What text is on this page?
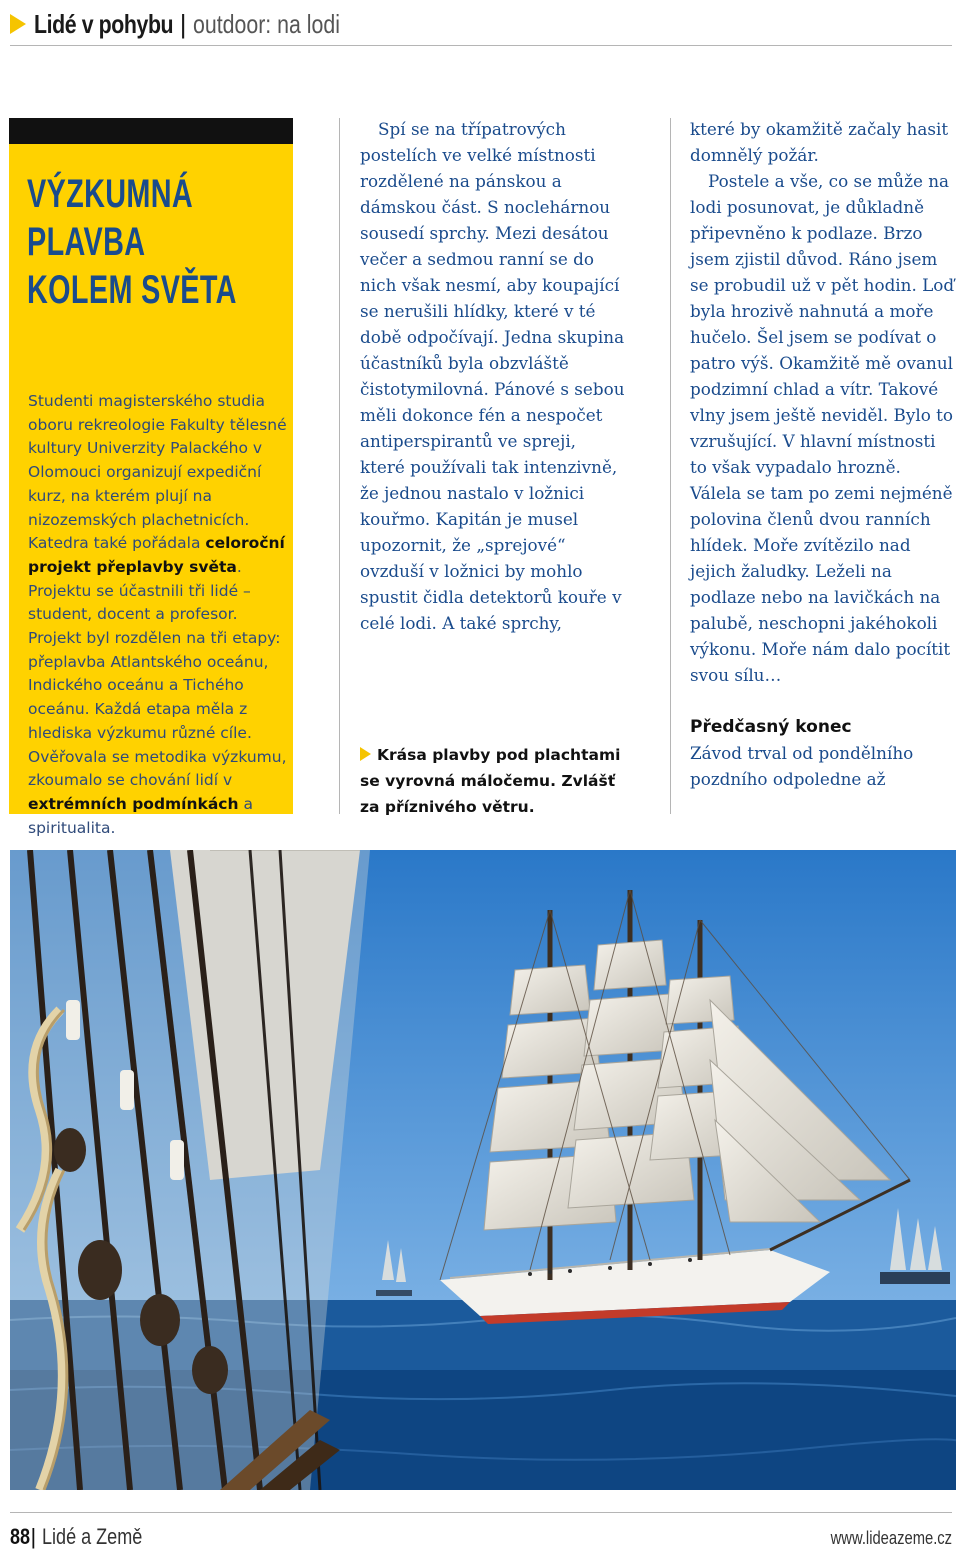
Lidé v pohybu | outdoor: na lodi
VÝZKUMNÁ PLAVBA
KOLEM SVĚTA
Studenti magisterského studia oboru rekreologie Fakulty tělesné kultury Univerzity Palackého v Olomouci organizují expediční kurz, na kterém plují na nizozemských plachetnicích. Katedra také pořádala celoroční projekt přeplavby světa. Projektu se účastnili tři lidé – student, docent a profesor. Projekt byl rozdělen na tři etapy: přeplavba Atlantského oceánu, Indického oceánu a Tichého oceánu. Každá etapa měla z hlediska výzkumu různé cíle. Ověřovala se metodika výzkumu, zkoumalo se chování lidí v extrémních podmínkách a spiritualita.

Spí se na třípatrových postelích ve velké místnosti rozdělené na pánskou a dámskou část. S noclehárnou sousedí sprchy. Mezi desátou večer a sedmou ranní se do nich však nesmí, aby koupající se nerušili hlídky, které v té době odpočívají. Jedna skupina účastníků byla obzvláště čistotymilovná. Pánové s sebou měli dokonce fén a nespočet antiperspirantů ve spreji, které používali tak intenzivně, že jednou nastalo v ložnici kouřmo. Kapitán je musel upozornit, že „sprejové“ ovzduší v ložnici by mohlo spustit čidla detektorů kouře v celé lodi. A také sprchy,

Krása plavby pod plachtami se vyrovná máločemu. Zvlášť za příznivého větru.

které by okamžitě začaly hasit domnělý požár.

Postele a vše, co se může na lodi posunovat, je důkladně připevněno k podlaze. Brzo jsem zjistil důvod. Ráno jsem se probudil už v pět hodin. Loď byla hrozivě nahnutá a moře hučelo. Šel jsem se podívat o patro výš. Okamžitě mě ovanul podzimní chlad a vítr. Takové vlny jsem ještě neviděl. Bylo to vzrušující. V hlavní místnosti to však vypadalo hrozně. Válela se tam po zemi nejméně polovina členů dvou ranních hlídek. Moře zvítězilo nad jejich žaludky. Leželi na podlaze nebo na lavičkách na palubě, neschopni jakéhokoli výkonu. Moře nám dalo pocítit svou sílu…

Předčasný konec

Závod trval od pondělního pozdního odpoledne až

88 | Lidé a Země	www.lideazeme.cz
